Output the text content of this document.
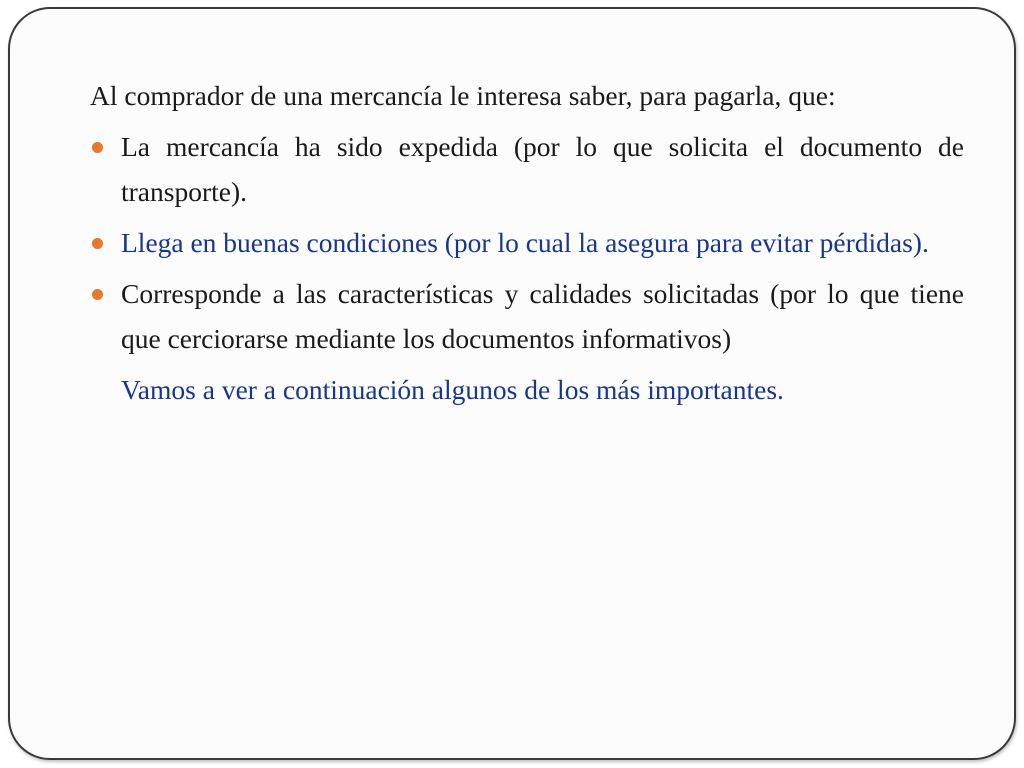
Al comprador de una mercancía le interesa saber, para pagarla, que:

La mercancía ha sido expedida (por lo que solicita el documento de transporte).
Llega en buenas condiciones (por lo cual la asegura para evitar pérdidas).
Corresponde a las características y calidades solicitadas (por lo que tiene que cerciorarse mediante los documentos informativos)

Vamos a ver a continuación algunos de los más importantes.
